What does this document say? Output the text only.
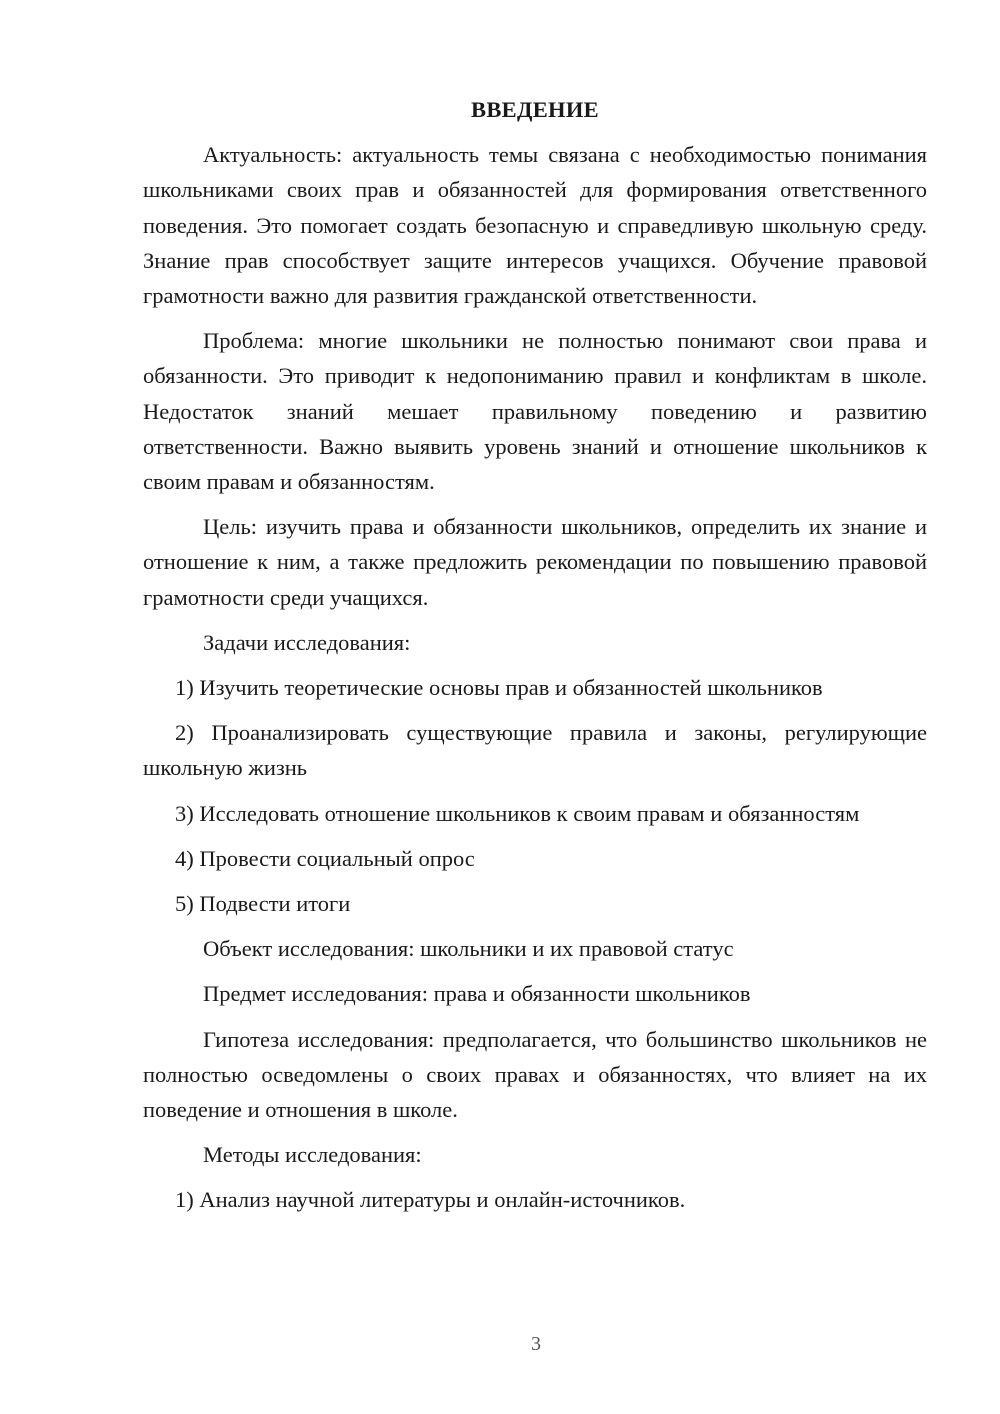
ВВЕДЕНИЕ

Актуальность: актуальность темы связана с необходимостью понимания школьниками своих прав и обязанностей для формирования ответственного поведения. Это помогает создать безопасную и справедливую школьную среду. Знание прав способствует защите интересов учащихся. Обучение правовой грамотности важно для развития гражданской ответственности.

Проблема: многие школьники не полностью понимают свои права и обязанности. Это приводит к недопониманию правил и конфликтам в школе. Недостаток знаний мешает правильному поведению и развитию ответственности. Важно выявить уровень знаний и отношение школьников к своим правам и обязанностям.

Цель: изучить права и обязанности школьников, определить их знание и отношение к ним, а также предложить рекомендации по повышению правовой грамотности среди учащихся.

Задачи исследования:

1) Изучить теоретические основы прав и обязанностей школьников

2) Проанализировать существующие правила и законы, регулирующие школьную жизнь

3) Исследовать отношение школьников к своим правам и обязанностям

4) Провести социальный опрос

5) Подвести итоги

Объект исследования: школьники и их правовой статус

Предмет исследования: права и обязанности школьников

Гипотеза исследования: предполагается, что большинство школьников не полностью осведомлены о своих правах и обязанностях, что влияет на их поведение и отношения в школе.

Методы исследования:

1) Анализ научной литературы и онлайн-источников.

3
